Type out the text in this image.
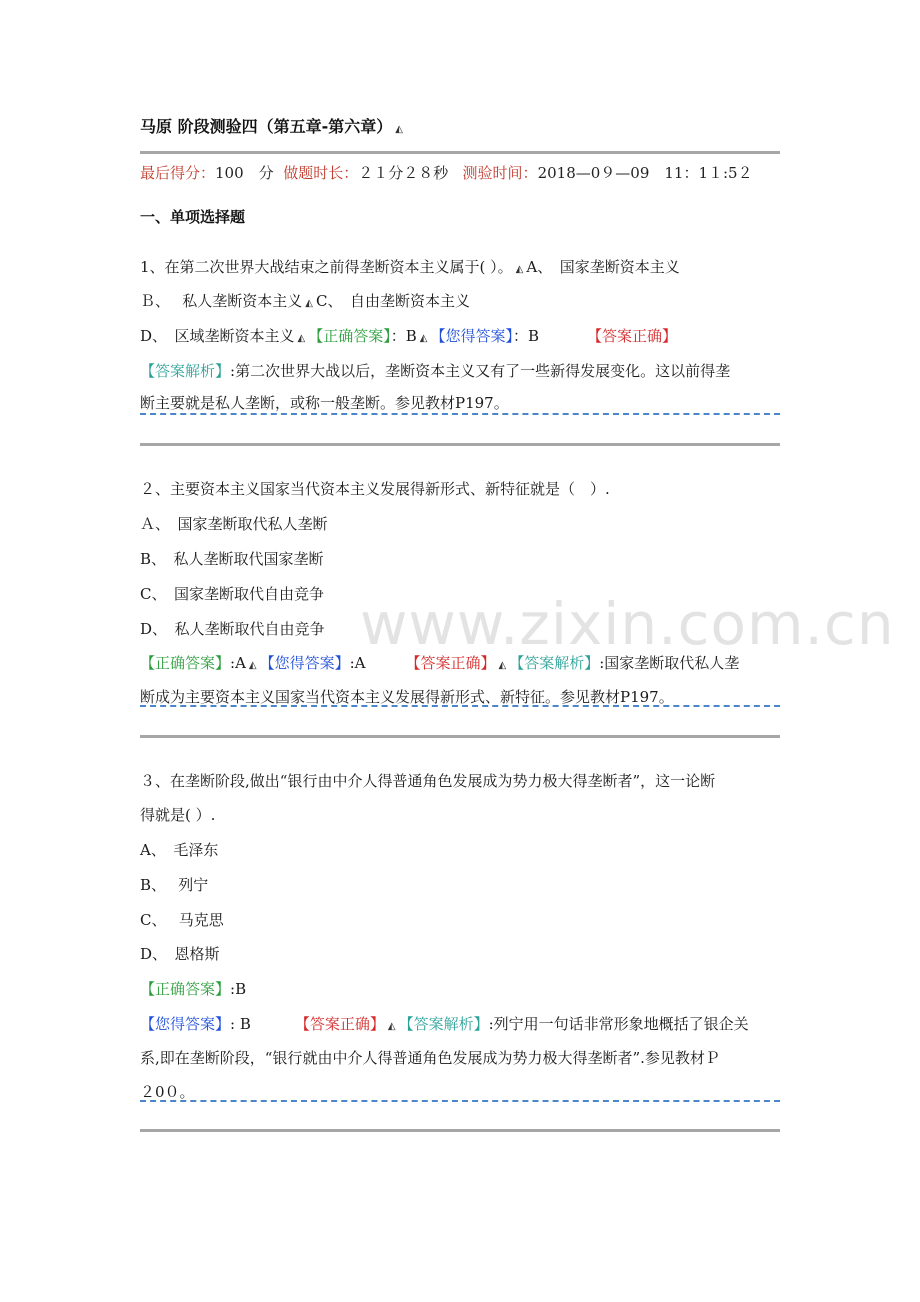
www.zixin.com.cn
马原 阶段测验四（第五章-第六章） ◭
最后得分：100　分 做题时长：２１分２８秒 测验时间：2018—0９—09　11：1１:5２
一、单项选择题
1、在第二次世界大战结束之前得垄断资本主义属于( ）。 ◭ A、　国家垄断资本主义
Ｂ、　 私人垄断资本主义 ◭ C、　自由垄断资本主义
D、　区域垄断资本主义 ◭ 【正确答案】：B ◭ 【您得答案】：B	【答案正确】
【答案解析】:第二次世界大战以后，垄断资本主义又有了一些新得发展变化。这以前得垄
断主要就是私人垄断，或称一般垄断。参见教材P197。
２、主要资本主义国家当代资本主义发展得新形式、新特征就是（　）.
Ａ、　国家垄断取代私人垄断
B、　私人垄断取代国家垄断
C、　国家垄断取代自由竞争
D、　私人垄断取代自由竞争
【正确答案】:A ◭ 【您得答案】:A	【答案正确】 ◭ 【答案解析】:国家垄断取代私人垄
断成为主要资本主义国家当代资本主义发展得新形式、新特征。参见教材P197。
３、在垄断阶段,做出“银行由中介人得普通角色发展成为势力极大得垄断者”，这一论断
得就是( ）.
A、　毛泽东
B、　 列宁
C、　 马克思
D、　恩格斯
【正确答案】:B
【您得答案】: B	【答案正确】 ◭ 【答案解析】:列宁用一句话非常形象地概括了银企关
系,即在垄断阶段，“银行就由中介人得普通角色发展成为势力极大得垄断者”.参见教材Ｐ
２0０。
